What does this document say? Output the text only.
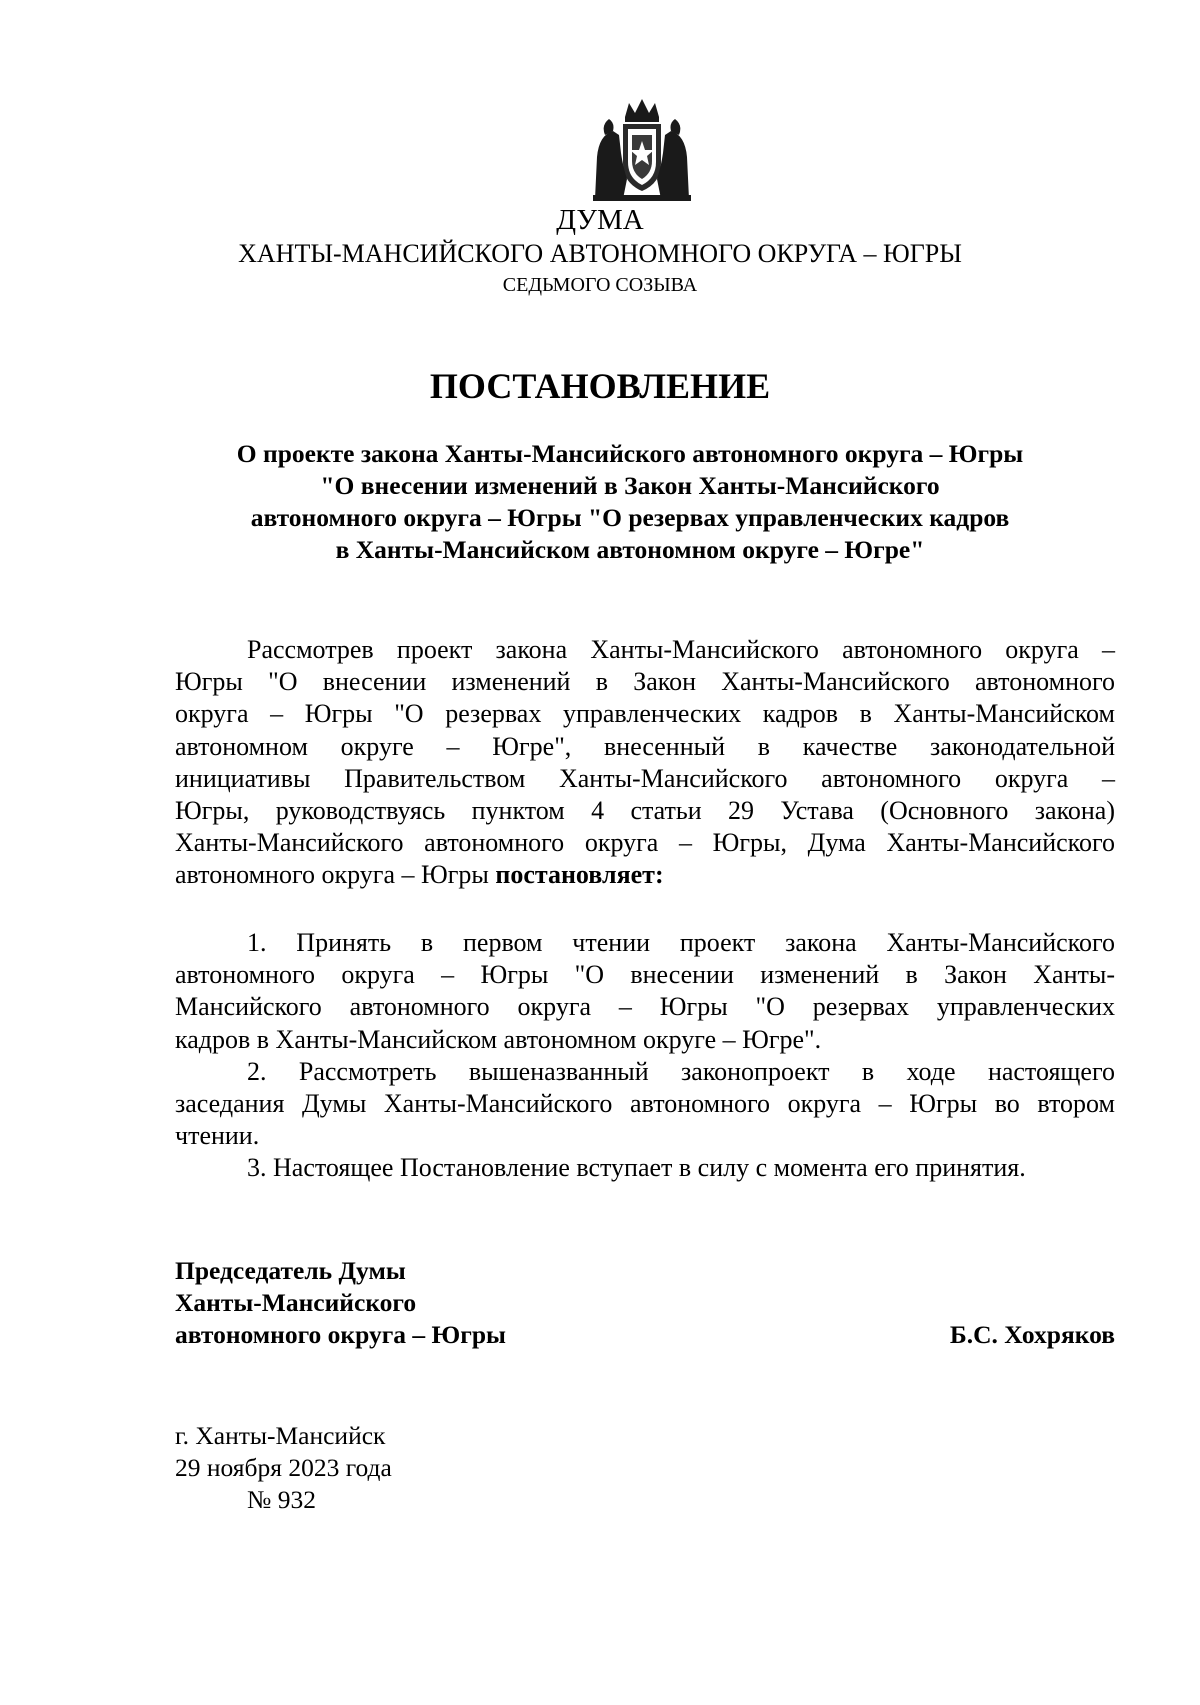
ДУМА
ХАНТЫ-МАНСИЙСКОГО АВТОНОМНОГО ОКРУГА – ЮГРЫ
СЕДЬМОГО СОЗЫВА
ПОСТАНОВЛЕНИЕ
О проекте закона Ханты-Мансийского автономного округа – Югры
"О внесении изменений в Закон Ханты-Мансийского
автономного округа – Югры "О резервах управленческих кадров
в Ханты-Мансийском автономном округе – Югре"
Рассмотрев проект закона Ханты-Мансийского автономного округа –
Югры "О внесении изменений в Закон Ханты-Мансийского автономного
округа – Югры "О резервах управленческих кадров в Ханты-Мансийском
автономном округе – Югре", внесенный в качестве законодательной
инициативы Правительством Ханты-Мансийского автономного округа –
Югры, руководствуясь пунктом 4 статьи 29 Устава (Основного закона)
Ханты-Мансийского автономного округа – Югры, Дума Ханты-Мансийского
автономного округа – Югры постановляет:
1. Принять в первом чтении проект закона Ханты-Мансийского
автономного округа – Югры "О внесении изменений в Закон Ханты-
Мансийского автономного округа – Югры "О резервах управленческих
кадров в Ханты-Мансийском автономном округе – Югре".
2. Рассмотреть вышеназванный законопроект в ходе настоящего
заседания Думы Ханты-Мансийского автономного округа – Югры во втором
чтении.
3. Настоящее Постановление вступает в силу с момента его принятия.
Председатель Думы
Ханты-Мансийского
автономного округа – Югры	Б.С. Хохряков
г. Ханты-Мансийск
29 ноября 2023 года
№ 932
